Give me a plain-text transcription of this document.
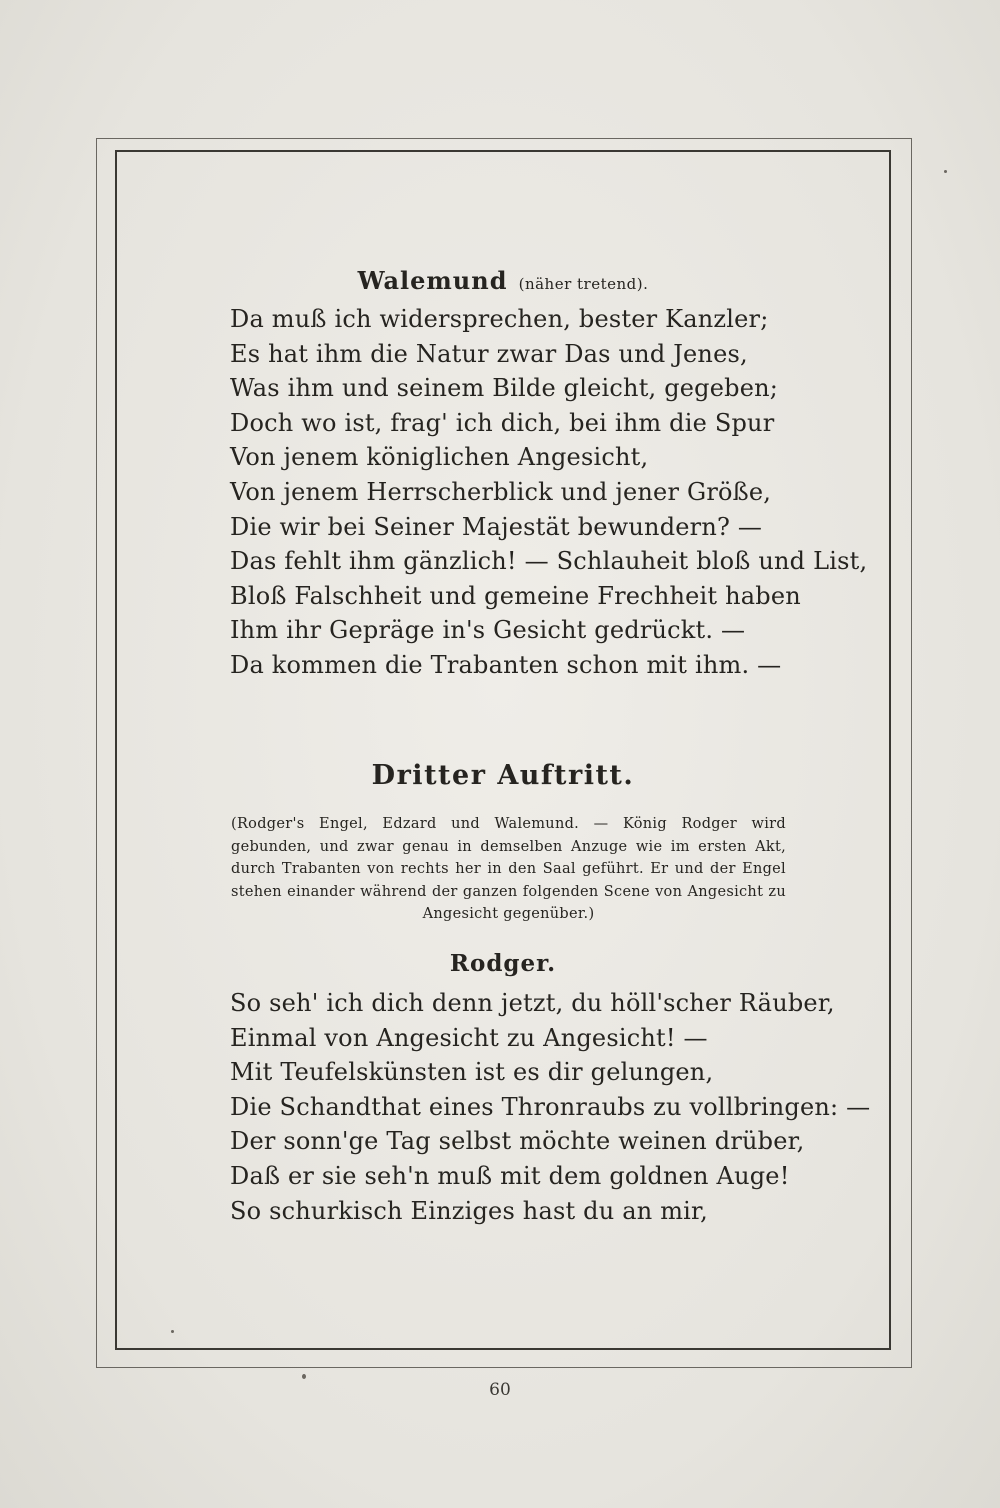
Walemund (näher tretend).
Da muß ich widersprechen, bester Kanzler;
Es hat ihm die Natur zwar Das und Jenes,
Was ihm und seinem Bilde gleicht, gegeben;
Doch wo ist, frag' ich dich, bei ihm die Spur
Von jenem königlichen Angesicht,
Von jenem Herrscherblick und jener Größe,
Die wir bei Seiner Majestät bewundern? —
Das fehlt ihm gänzlich! — Schlauheit bloß und List,
Bloß Falschheit und gemeine Frechheit haben
Ihm ihr Gepräge in's Gesicht gedrückt. —
Da kommen die Trabanten schon mit ihm. —
Dritter Auftritt.
(Rodger's Engel, Edzard und Walemund. — König Rodger wird gebunden, und zwar genau in demselben Anzuge wie im ersten Akt, durch Trabanten von rechts her in den Saal geführt. Er und der Engel stehen einander während der ganzen folgenden Scene von Angesicht zu Angesicht gegenüber.)
Rodger.
So seh' ich dich denn jetzt, du höll'scher Räuber,
Einmal von Angesicht zu Angesicht! —
Mit Teufelskünsten ist es dir gelungen,
Die Schandthat eines Thronraubs zu vollbringen: —
Der sonn'ge Tag selbst möchte weinen drüber,
Daß er sie seh'n muß mit dem goldnen Auge!
So schurkisch Einziges hast du an mir,
60
